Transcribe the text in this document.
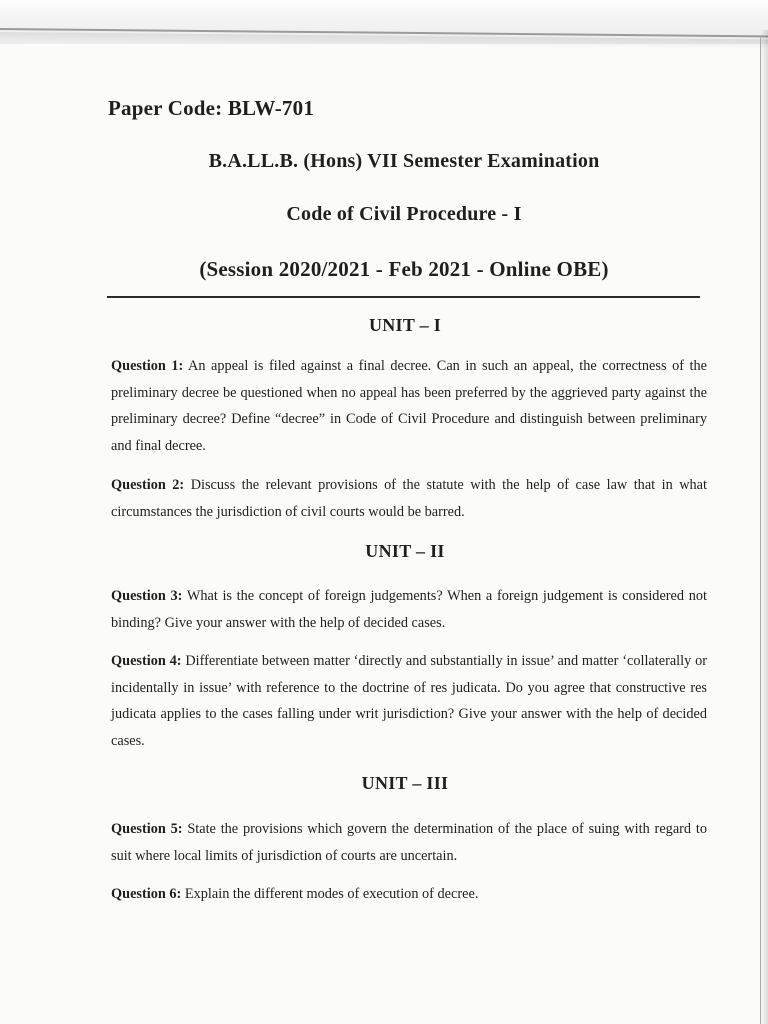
Paper Code: BLW-701
B.A.LL.B. (Hons) VII Semester Examination
Code of Civil Procedure - I
(Session 2020/2021 - Feb 2021 - Online OBE)
UNIT – I

Question 1: An appeal is filed against a final decree. Can in such an appeal, the correctness of the preliminary decree be questioned when no appeal has been preferred by the aggrieved party against the preliminary decree? Define “decree” in Code of Civil Procedure and distinguish between preliminary and final decree.

Question 2: Discuss the relevant provisions of the statute with the help of case law that in what circumstances the jurisdiction of civil courts would be barred.

UNIT – II

Question 3: What is the concept of foreign judgements? When a foreign judgement is considered not binding? Give your answer with the help of decided cases.

Question 4: Differentiate between matter ‘directly and substantially in issue’ and matter ‘collaterally or incidentally in issue’ with reference to the doctrine of res judicata. Do you agree that constructive res judicata applies to the cases falling under writ jurisdiction? Give your answer with the help of decided cases.

UNIT – III

Question 5: State the provisions which govern the determination of the place of suing with regard to suit where local limits of jurisdiction of courts are uncertain.

Question 6: Explain the different modes of execution of decree.
